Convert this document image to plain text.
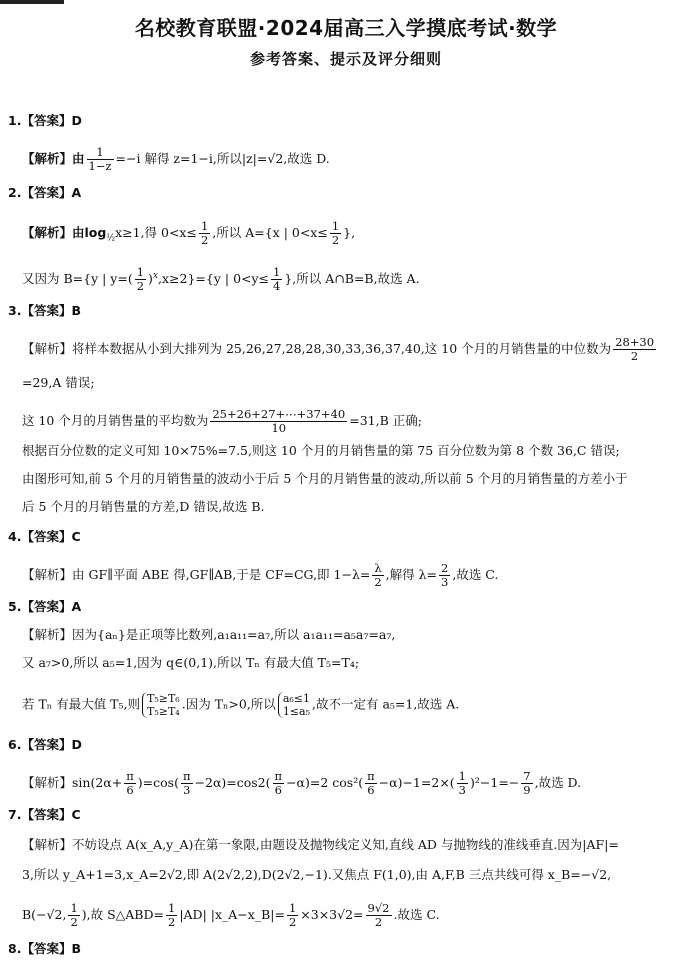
名校教育联盟·2024届高三入学摸底考试·数学
参考答案、提示及评分细则
1.【答案】D
【解析】由 $\frac{1}{1-z} =-i$ 解得 z=1−i,所以|z|=√2,故选 D.
2.【答案】A
【解析】由$\log_{\frac{1}{2}}x\ge 1$,得 $0<x\le \frac{1}{2}$ ,所以 A={x | $0<x\le \frac{1}{2}$ },
又因为 B={y | $y=( \frac{1}{2} )^x,x\ge 2\}=\{y$ | $0<y\le \frac{1}{4}$ },所以 A∩B=B,故选 A.
3.【答案】B
【解析】将样本数据从小到大排列为 25,26,27,28,28,30,33,36,37,40,这 10 个月的月销售量的中位数为 $\frac{28+30}{2}$
=29,A 错误;
这 10 个月的月销售量的平均数为 $\frac{25+26+27+\cdots+37+40}{10} =31,B$ 正确;
根据百分位数的定义可知 10×75%=7.5,则这 10 个月的月销售量的第 75 百分位数为第 8 个数 36,C 错误;
由图形可知,前 5 个月的月销售量的波动小于后 5 个月的月销售量的波动,所以前 5 个月的月销售量的方差小于
后 5 个月的月销售量的方差,D 错误,故选 B.
4.【答案】C
【解析】由 GF∥平面 ABE 得,GF∥AB,于是 CF=CG,即 $1-\lambda= \frac{\lambda}{2}$ ,解得 $\lambda= \frac{2}{3}$ ,故选 C.
5.【答案】A
【解析】因为{aₙ}是正项等比数列,a₁a₁₁=a₇,所以 a₁a₁₁=a₅a₇=a₇,
又 a₇>0,所以 a₅=1,因为 q∈(0,1),所以 Tₙ 有最大值 T₅=T₄;
若 Tₙ 有最大值 T₅,则 T₅≥T₆
T₅≥T₄ .因为 Tₙ>0,所以 a₆≤1
1≤a₅ ,故不一定有 a₅=1,故选 A.
6.【答案】D
【解析】$\sin(2\alpha+ \frac{\pi}{6} )=\cos( \frac{\pi}{3} -2\alpha)=\cos 2( \frac{\pi}{6} -\alpha)=2$ $\cos^2( \frac{\pi}{6} -\alpha)-1=2\times( \frac{1}{3} )^2-1=- \frac{7}{9}$ ,故选 D.
7.【答案】C
【解析】不妨设点 A(x_A,y_A)在第一象限,由题设及抛物线定义知,直线 AD 与抛物线的准线垂直.因为|AF|=
3,所以 y_A+1=3,x_A=2√2,即 A(2√2,2),D(2√2,−1).又焦点 F(1,0),由 A,F,B 三点共线可得 x_B=−√2,
B(−√2, $\frac{1}{2}$ ),故 S△ABD= $\frac{1}{2} |AD|$ |x_A−x_B|= $\frac{1}{2} \times 3\times 3√2= \frac{9√2}{2}$ .故选 C.
8.【答案】B
